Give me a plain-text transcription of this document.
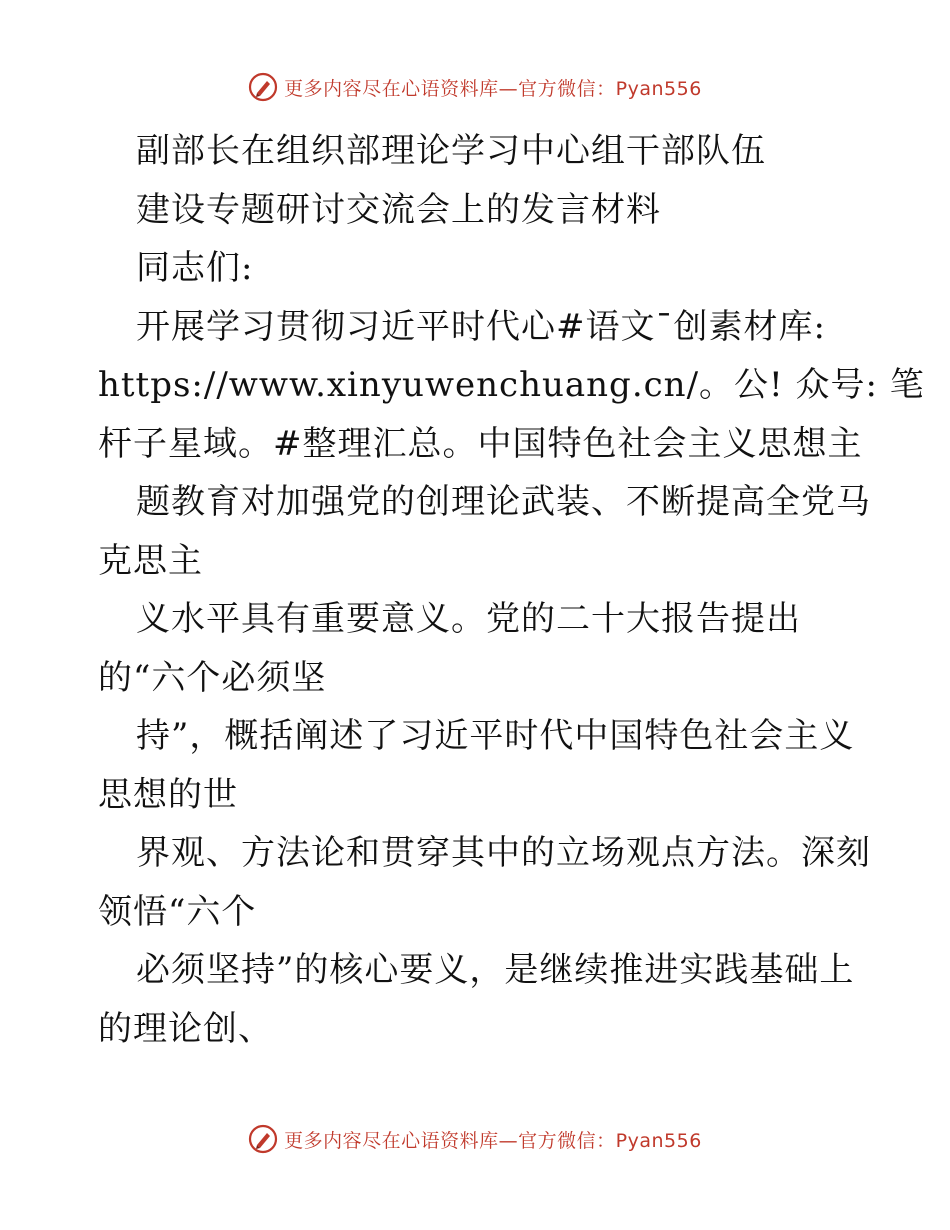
更多内容尽在心语资料库—官方微信：Pyan556
副部长在组织部理论学习中心组干部队伍
建设专题研讨交流会上的发言材料
同志们:
开展学习贯彻习近平时代心#语文¯创素材库:
https://www.xinyuwenchuang.cn/。公! 众号: 笔
杆子星域。#整理汇总。中国特色社会主义思想主
题教育对加强党的创理论武装、不断提高全党马
克思主
义水平具有重要意义。党的二十大报告提出
的“六个必须坚
持”，概括阐述了习近平时代中国特色社会主义
思想的世
界观、方法论和贯穿其中的立场观点方法。深刻
领悟“六个
必须坚持”的核心要义，是继续推进实践基础上
的理论创、
更多内容尽在心语资料库—官方微信：Pyan556
